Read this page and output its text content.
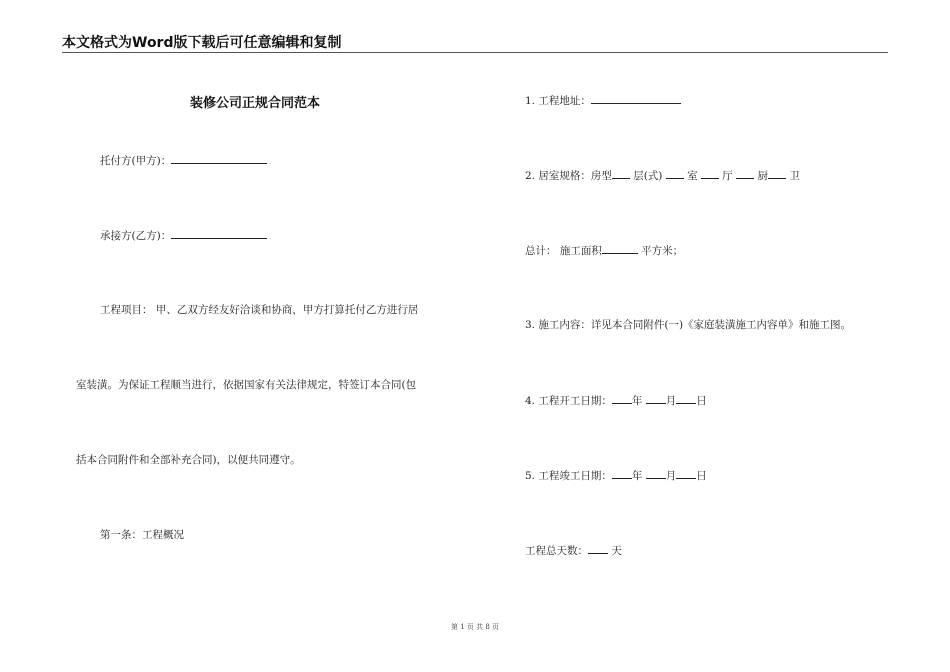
本文格式为Word版下载后可任意编辑和复制
装修公司正规合同范本
托付方(甲方)：
承接方(乙方)：
工程项目： 甲、乙双方经友好洽谈和协商，甲方打算托付乙方进行居
室装潢。为保证工程顺当进行，依据国家有关法律规定，特签订本合同(包
括本合同附件和全部补充合同)，以便共同遵守。
第一条：工程概况
1. 工程地址：
2. 居室规格：房型 层(式) 室 厅 厨 卫
总计： 施工面积	平方米；
3. 施工内容：详见本合同附件(一)《家庭装潢施工内容单》和施工图。
4. 工程开工日期： 年 月 日
5. 工程竣工日期： 年 月 日
工程总天数： 天
第 1 页 共 8 页
